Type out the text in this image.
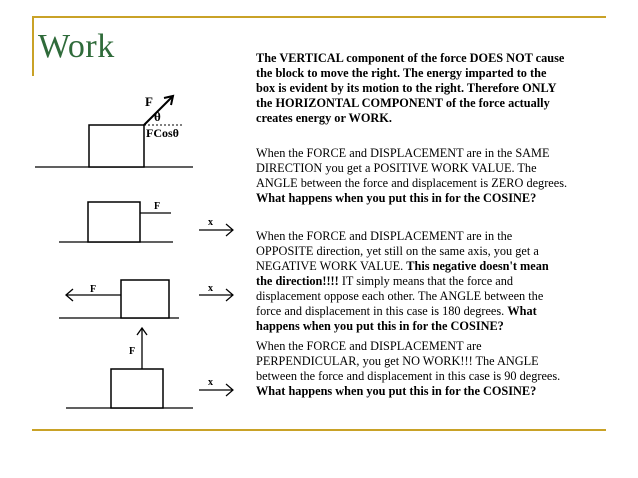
Work
F
θ
FCosθ
F
x
F	x
F
x
The VERTICAL component of the force DOES NOT cause the block to move the right. The energy imparted to the box is evident by its motion to the right. Therefore ONLY the HORIZONTAL COMPONENT of the force actually creates energy or WORK.
When the FORCE and DISPLACEMENT are in the SAME DIRECTION you get a POSITIVE WORK VALUE. The ANGLE between the force and displacement is ZERO degrees. What happens when you put this in for the COSINE?
When the FORCE and DISPLACEMENT are in the OPPOSITE direction, yet still on the same axis, you get a NEGATIVE WORK VALUE. This negative doesn't mean the direction!!!! IT simply means that the force and displacement oppose each other. The ANGLE between the force and displacement in this case is 180 degrees. What happens when you put this in for the COSINE?
When the FORCE and DISPLACEMENT are PERPENDICULAR, you get NO WORK!!! The ANGLE between the force and displacement in this case is 90 degrees. What happens when you put this in for the COSINE?
